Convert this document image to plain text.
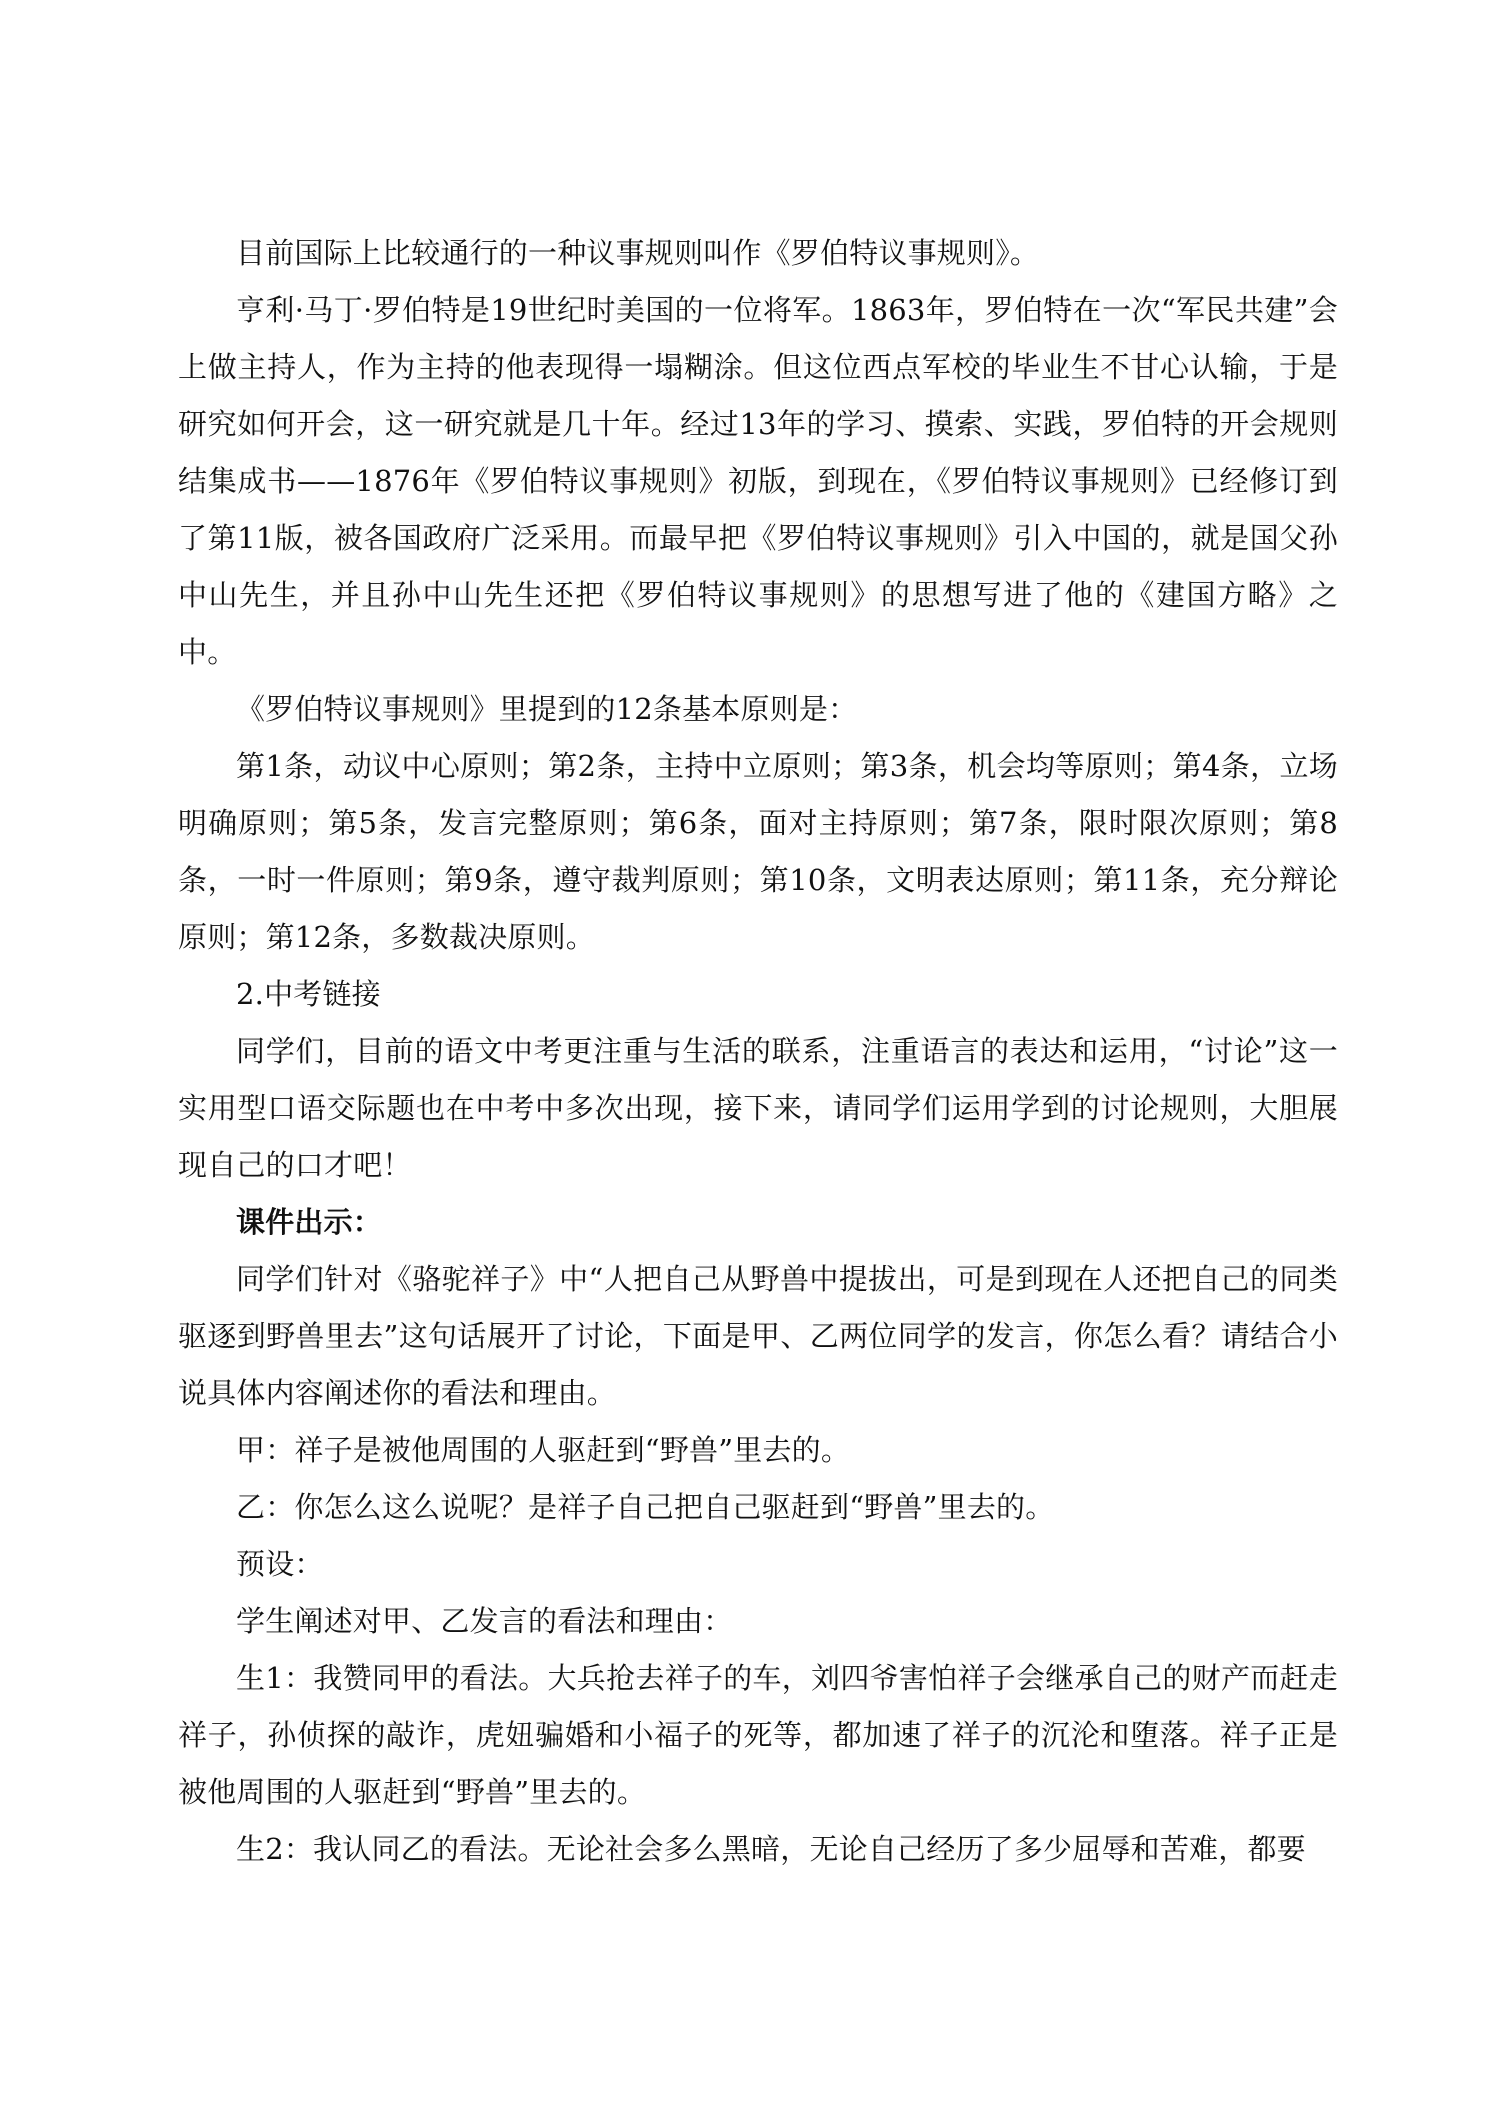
目前国际上比较通行的一种议事规则叫作《罗伯特议事规则》。

亨利·马丁·罗伯特是19世纪时美国的一位将军。1863年，罗伯特在一次“军民共建”会上做主持人，作为主持的他表现得一塌糊涂。但这位西点军校的毕业生不甘心认输，于是研究如何开会，这一研究就是几十年。经过13年的学习、摸索、实践，罗伯特的开会规则结集成书——1876年《罗伯特议事规则》初版，到现在，《罗伯特议事规则》已经修订到了第11版，被各国政府广泛采用。而最早把《罗伯特议事规则》引入中国的，就是国父孙中山先生，并且孙中山先生还把《罗伯特议事规则》的思想写进了他的《建国方略》之中。

《罗伯特议事规则》里提到的12条基本原则是：

第1条，动议中心原则；第2条，主持中立原则；第3条，机会均等原则；第4条，立场明确原则；第5条，发言完整原则；第6条，面对主持原则；第7条，限时限次原则；第8条，一时一件原则；第9条，遵守裁判原则；第10条，文明表达原则；第11条，充分辩论原则；第12条，多数裁决原则。

2.中考链接

同学们，目前的语文中考更注重与生活的联系，注重语言的表达和运用，“讨论”这一实用型口语交际题也在中考中多次出现，接下来，请同学们运用学到的讨论规则，大胆展现自己的口才吧！

课件出示：

同学们针对《骆驼祥子》中“人把自己从野兽中提拔出，可是到现在人还把自己的同类驱逐到野兽里去”这句话展开了讨论，下面是甲、乙两位同学的发言，你怎么看？请结合小说具体内容阐述你的看法和理由。

甲：祥子是被他周围的人驱赶到“野兽”里去的。

乙：你怎么这么说呢？是祥子自己把自己驱赶到“野兽”里去的。

预设：

学生阐述对甲、乙发言的看法和理由：

生1：我赞同甲的看法。大兵抢去祥子的车，刘四爷害怕祥子会继承自己的财产而赶走祥子，孙侦探的敲诈，虎妞骗婚和小福子的死等，都加速了祥子的沉沦和堕落。祥子正是被他周围的人驱赶到“野兽”里去的。

生2：我认同乙的看法。无论社会多么黑暗，无论自己经历了多少屈辱和苦难，都要
